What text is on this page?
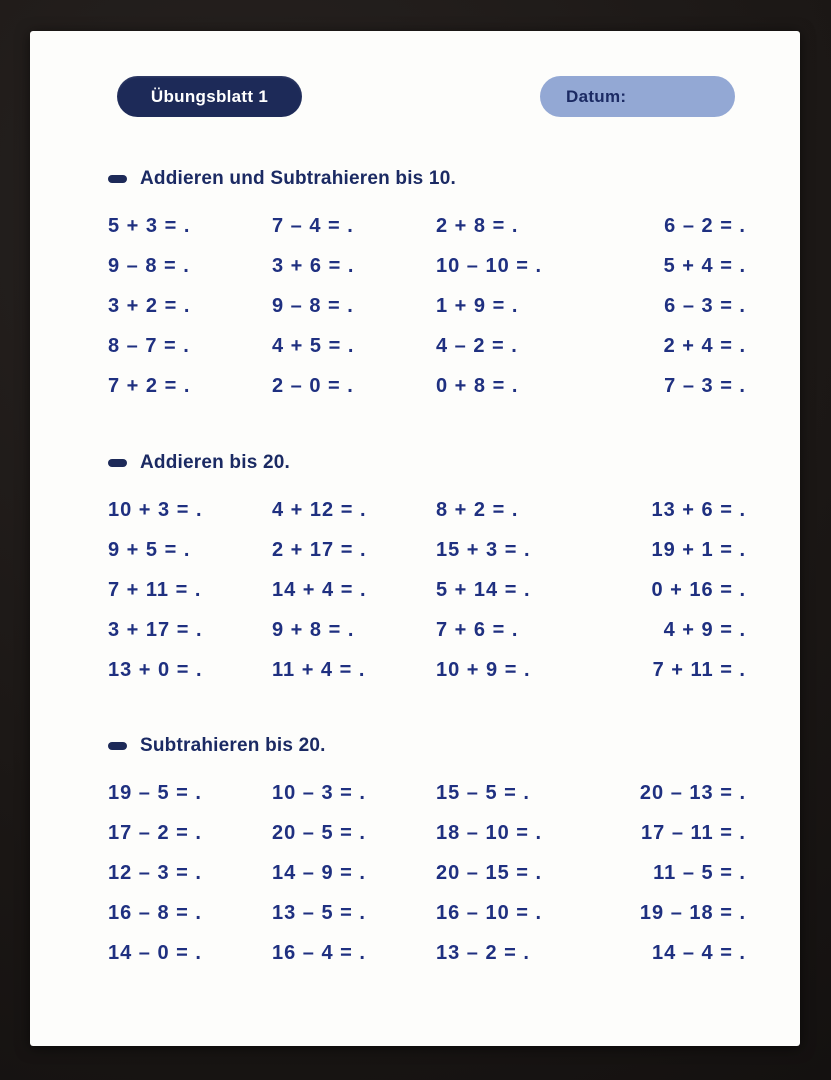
Übungsblatt 1	Datum:
Addieren und Subtrahieren bis 10.
5 + 3 = .	7 – 4 = .	2 + 8 = .	6 – 2 = .
9 – 8 = .	3 + 6 = .	10 – 10 = .	5 + 4 = .
3 + 2 = .	9 – 8 = .	1 + 9 = .	6 – 3 = .
8 – 7 = .	4 + 5 = .	4 – 2 = .	2 + 4 = .
7 + 2 = .	2 – 0 = .	0 + 8 = .	7 – 3 = .
Addieren bis 20.
10 + 3 = .	4 + 12 = .	8 + 2 = .	13 + 6 = .
9 + 5 = .	2 + 17 = .	15 + 3 = .	19 + 1 = .
7 + 11 = .	14 + 4 = .	5 + 14 = .	0 + 16 = .
3 + 17 = .	9 + 8 = .	7 + 6 = .	4 + 9 = .
13 + 0 = .	11 + 4 = .	10 + 9 = .	7 + 11 = .
Subtrahieren bis 20.
19 – 5 = .	10 – 3 = .	15 – 5 = .	20 – 13 = .
17 – 2 = .	20 – 5 = .	18 – 10 = .	17 – 11 = .
12 – 3 = .	14 – 9 = .	20 – 15 = .	11 – 5 = .
16 – 8 = .	13 – 5 = .	16 – 10 = .	19 – 18 = .
14 – 0 = .	16 – 4 = .	13 – 2 = .	14 – 4 = .
